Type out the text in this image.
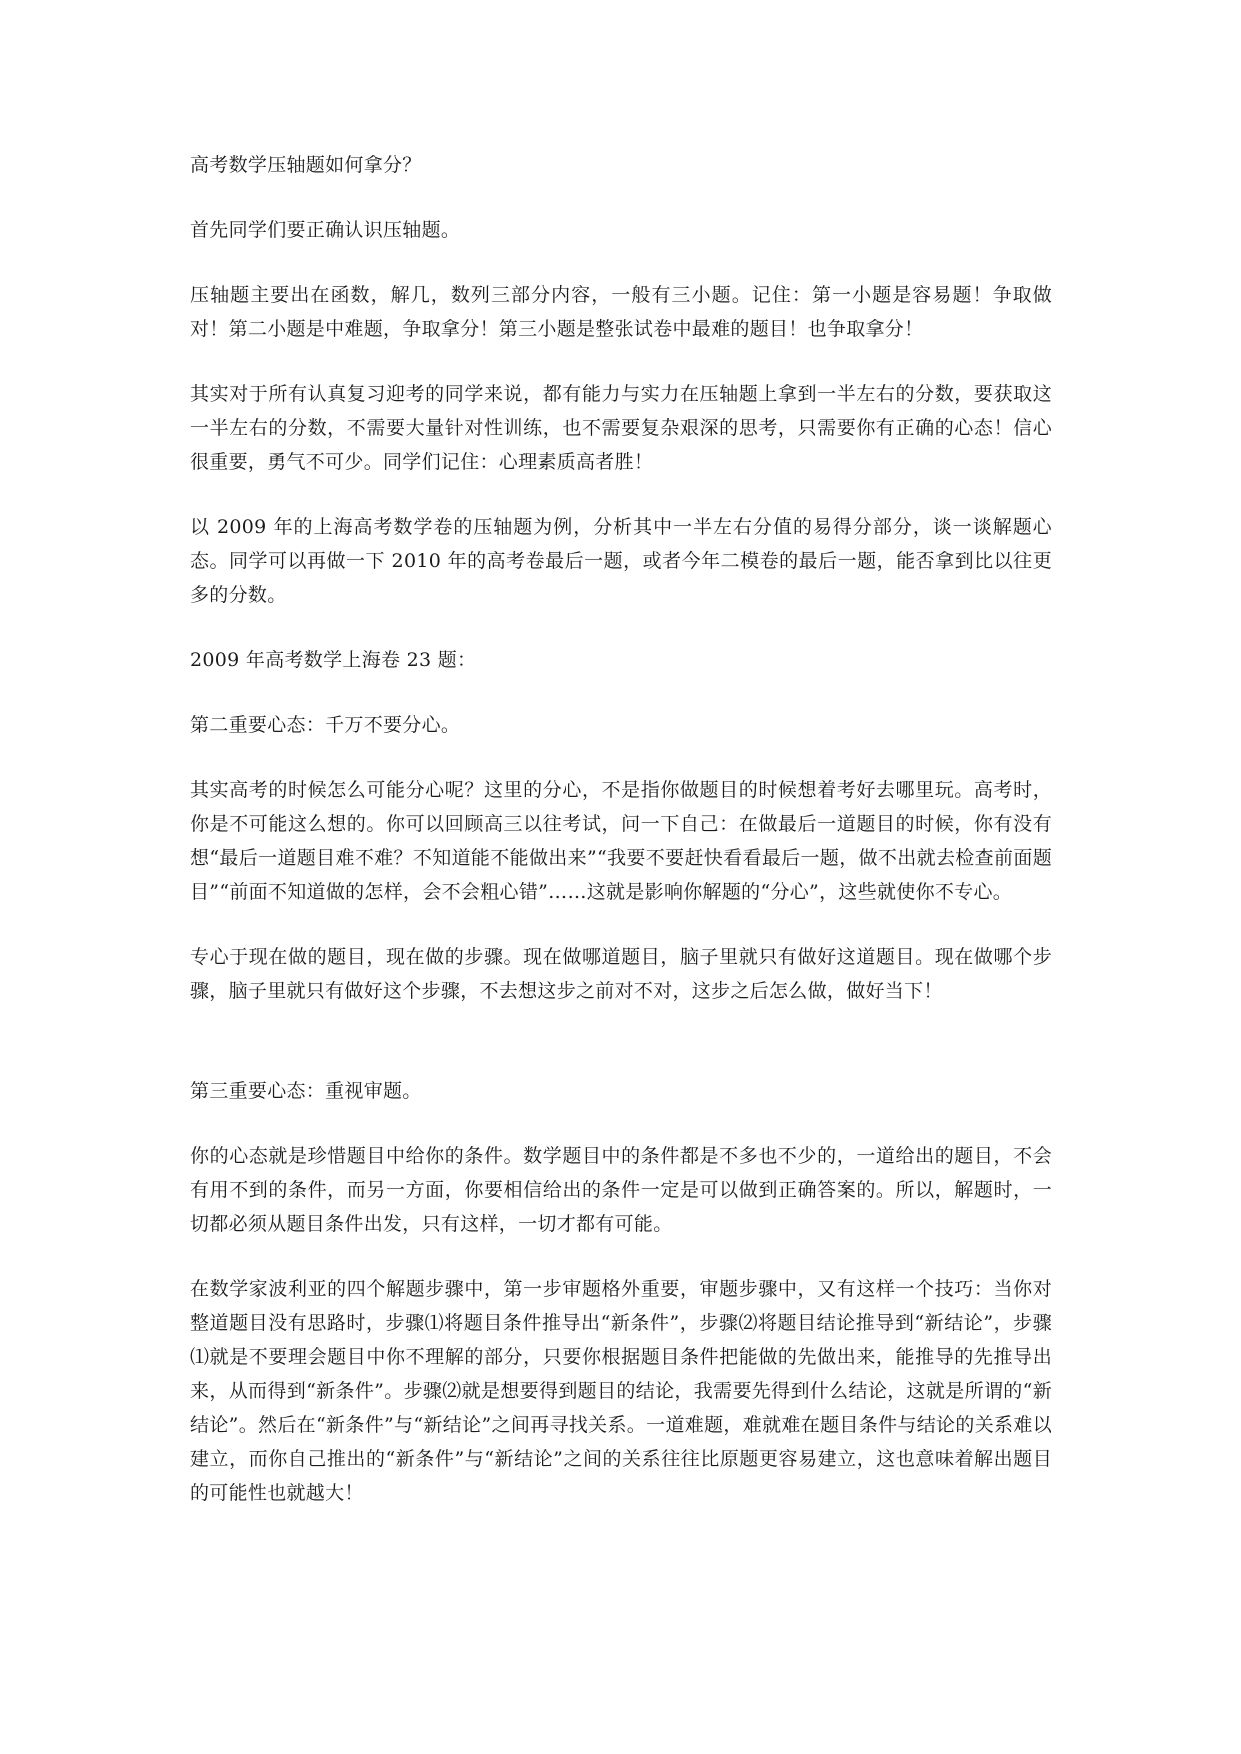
高考数学压轴题如何拿分？

首先同学们要正确认识压轴题。

压轴题主要出在函数，解几，数列三部分内容，一般有三小题。记住：第一小题是容易题！争取做对！第二小题是中难题，争取拿分！第三小题是整张试卷中最难的题目！也争取拿分！

其实对于所有认真复习迎考的同学来说，都有能力与实力在压轴题上拿到一半左右的分数，要获取这一半左右的分数，不需要大量针对性训练，也不需要复杂艰深的思考，只需要你有正确的心态！信心很重要，勇气不可少。同学们记住：心理素质高者胜！

以 2009 年的上海高考数学卷的压轴题为例，分析其中一半左右分值的易得分部分，谈一谈解题心态。同学可以再做一下 2010 年的高考卷最后一题，或者今年二模卷的最后一题，能否拿到比以往更多的分数。

2009 年高考数学上海卷 23 题：

第二重要心态：千万不要分心。

其实高考的时候怎么可能分心呢？这里的分心，不是指你做题目的时候想着考好去哪里玩。高考时，你是不可能这么想的。你可以回顾高三以往考试，问一下自己：在做最后一道题目的时候，你有没有想“最后一道题目难不难？不知道能不能做出来”“我要不要赶快看看最后一题，做不出就去检查前面题目”“前面不知道做的怎样，会不会粗心错”……这就是影响你解题的“分心”，这些就使你不专心。

专心于现在做的题目，现在做的步骤。现在做哪道题目，脑子里就只有做好这道题目。现在做哪个步骤，脑子里就只有做好这个步骤，不去想这步之前对不对，这步之后怎么做，做好当下！

第三重要心态：重视审题。

你的心态就是珍惜题目中给你的条件。数学题目中的条件都是不多也不少的，一道给出的题目，不会有用不到的条件，而另一方面，你要相信给出的条件一定是可以做到正确答案的。所以，解题时，一切都必须从题目条件出发，只有这样，一切才都有可能。

在数学家波利亚的四个解题步骤中，第一步审题格外重要，审题步骤中，又有这样一个技巧：当你对整道题目没有思路时，步骤⑴将题目条件推导出“新条件”，步骤⑵将题目结论推导到“新结论”，步骤⑴就是不要理会题目中你不理解的部分，只要你根据题目条件把能做的先做出来，能推导的先推导出来，从而得到“新条件”。步骤⑵就是想要得到题目的结论，我需要先得到什么结论，这就是所谓的“新结论”。然后在“新条件”与“新结论”之间再寻找关系。一道难题，难就难在题目条件与结论的关系难以建立，而你自己推出的“新条件”与“新结论”之间的关系往往比原题更容易建立，这也意味着解出题目的可能性也就越大！
